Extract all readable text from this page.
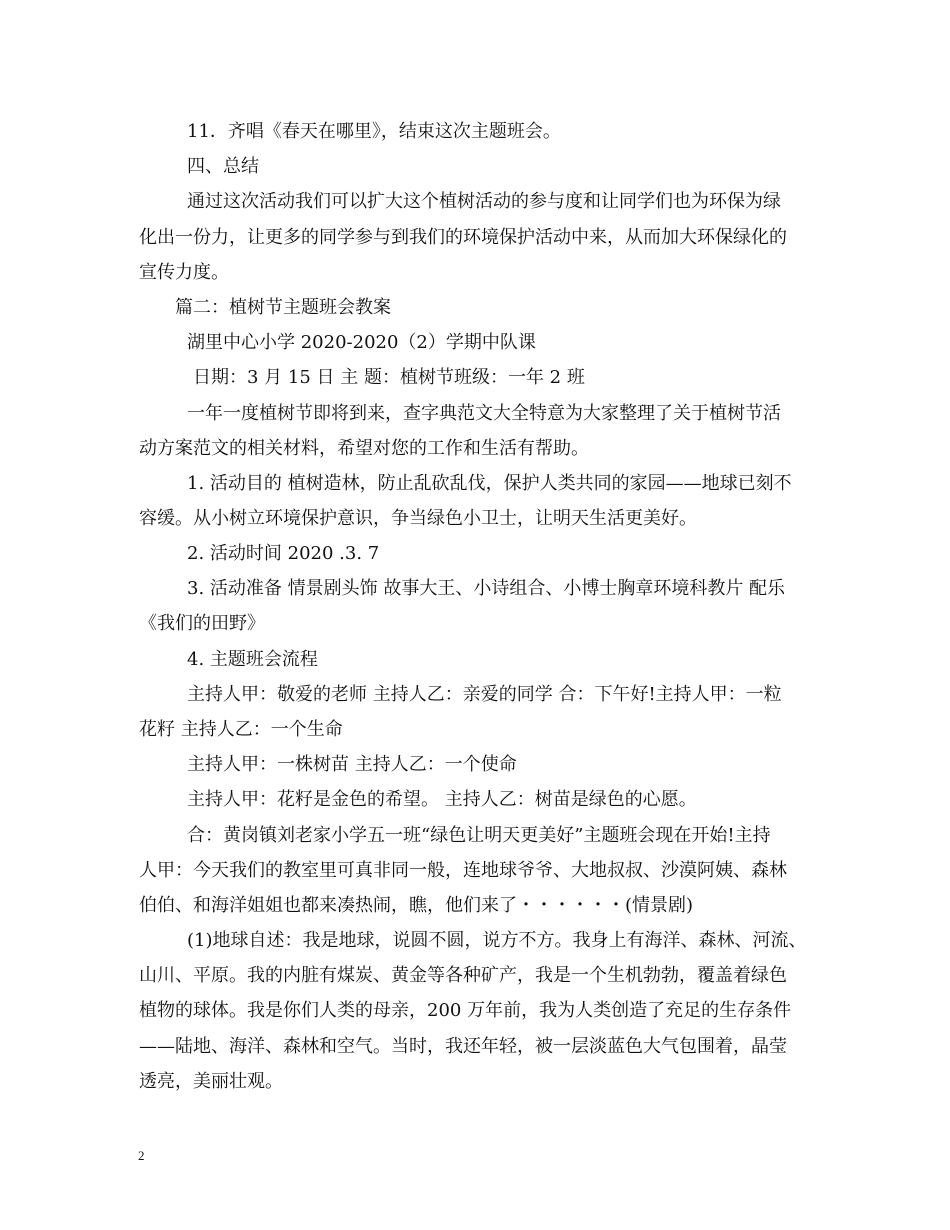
11．齐唱《春天在哪里》，结束这次主题班会。
四、总结
通过这次活动我们可以扩大这个植树活动的参与度和让同学们也为环保为绿
化出一份力，让更多的同学参与到我们的环境保护活动中来，从而加大环保绿化的
宣传力度。
篇二：植树节主题班会教案
湖里中心小学 2020-2020（2）学期中队课
日期：3 月 15 日 主 题：植树节班级：一年 2 班
一年一度植树节即将到来，查字典范文大全特意为大家整理了关于植树节活
动方案范文的相关材料，希望对您的工作和生活有帮助。
1. 活动目的 植树造林，防止乱砍乱伐，保护人类共同的家园——地球已刻不
容缓。从小树立环境保护意识，争当绿色小卫士，让明天生活更美好。
2. 活动时间 2020 .3. 7
3. 活动准备 情景剧头饰 故事大王、小诗组合、小博士胸章环境科教片 配乐
《我们的田野》
4. 主题班会流程
主持人甲：敬爱的老师 主持人乙：亲爱的同学 合：下午好!主持人甲：一粒
花籽 主持人乙：一个生命
主持人甲：一株树苗 主持人乙：一个使命
主持人甲：花籽是金色的希望。 主持人乙：树苗是绿色的心愿。
合：黄岗镇刘老家小学五一班“绿色让明天更美好”主题班会现在开始!主持
人甲：今天我们的教室里可真非同一般，连地球爷爷、大地叔叔、沙漠阿姨、森林
伯伯、和海洋姐姐也都来凑热闹，瞧，他们来了・・・・・・(情景剧)
(1)地球自述：我是地球，说圆不圆，说方不方。我身上有海洋、森林、河流、
山川、平原。我的内脏有煤炭、黄金等各种矿产，我是一个生机勃勃，覆盖着绿色
植物的球体。我是你们人类的母亲，200 万年前，我为人类创造了充足的生存条件
——陆地、海洋、森林和空气。当时，我还年轻，被一层淡蓝色大气包围着，晶莹
透亮，美丽壮观。
2
